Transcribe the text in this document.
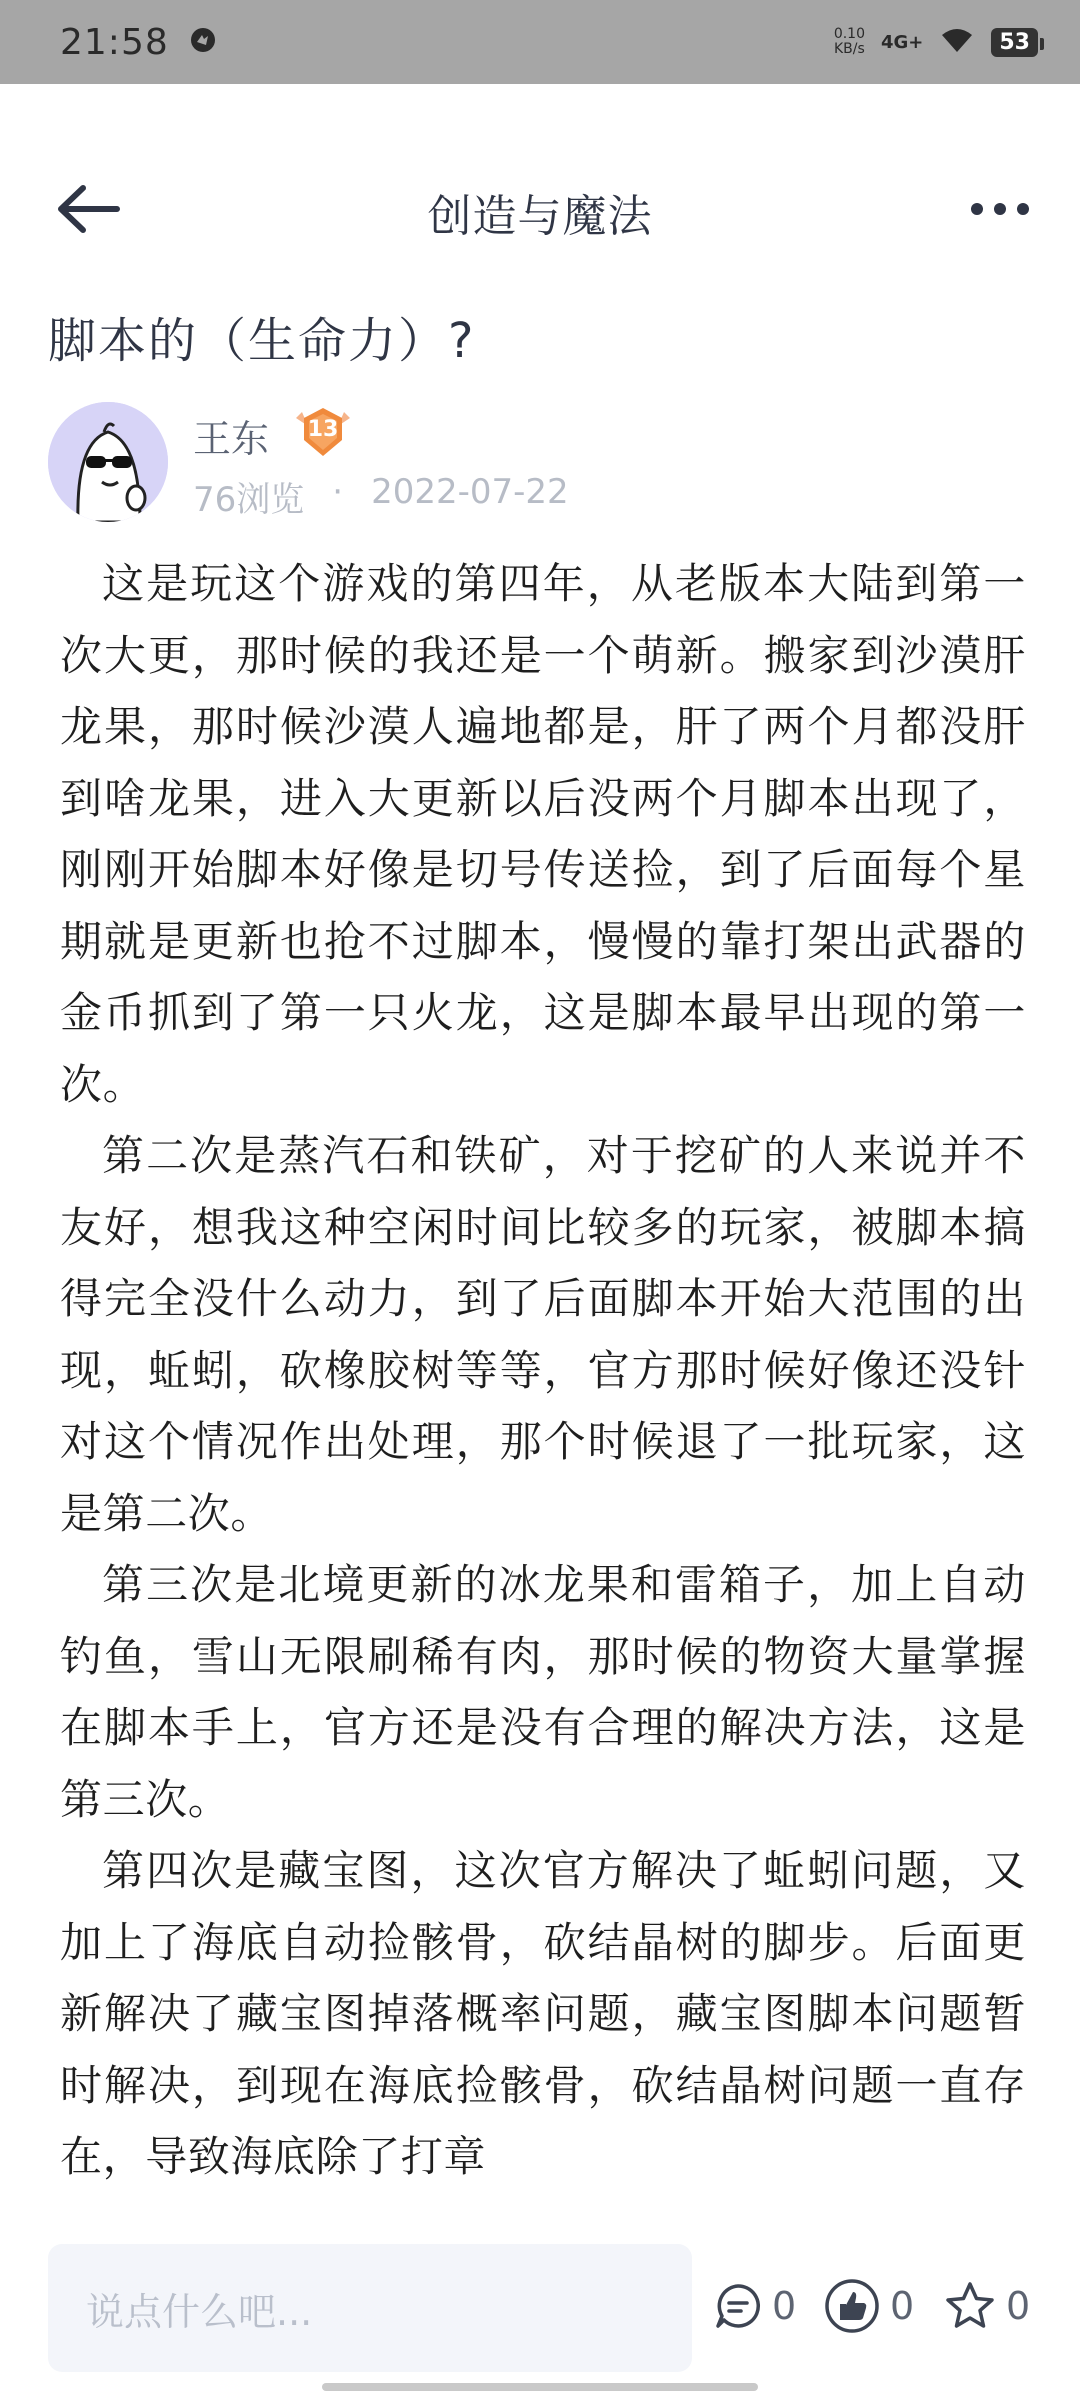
21:58	0.10
KB/s 4G+	53
创造与魔法
脚本的（生命力）?
王东	13
76浏览 · 2022-07-22

这是玩这个游戏的第四年，从老版本大陆到第一次大更，那时候的我还是一个萌新。搬家到沙漠肝龙果，那时候沙漠人遍地都是，肝了两个月都没肝到啥龙果，进入大更新以后没两个月脚本出现了，刚刚开始脚本好像是切号传送捡，到了后面每个星期就是更新也抢不过脚本，慢慢的靠打架出武器的金币抓到了第一只火龙，这是脚本最早出现的第一次。

第二次是蒸汽石和铁矿，对于挖矿的人来说并不友好，想我这种空闲时间比较多的玩家，被脚本搞得完全没什么动力，到了后面脚本开始大范围的出现，蚯蚓，砍橡胶树等等，官方那时候好像还没针对这个情况作出处理，那个时候退了一批玩家，这是第二次。

第三次是北境更新的冰龙果和雷箱子，加上自动钓鱼，雪山无限刷稀有肉，那时候的物资大量掌握在脚本手上，官方还是没有合理的解决方法，这是第三次。

第四次是藏宝图，这次官方解决了蚯蚓问题，又加上了海底自动捡骸骨，砍结晶树的脚步。后面更新解决了藏宝图掉落概率问题，藏宝图脚本问题暂时解决，到现在海底捡骸骨，砍结晶树问题一直存在，导致海底除了打章

说点什么吧...	0 0 0
